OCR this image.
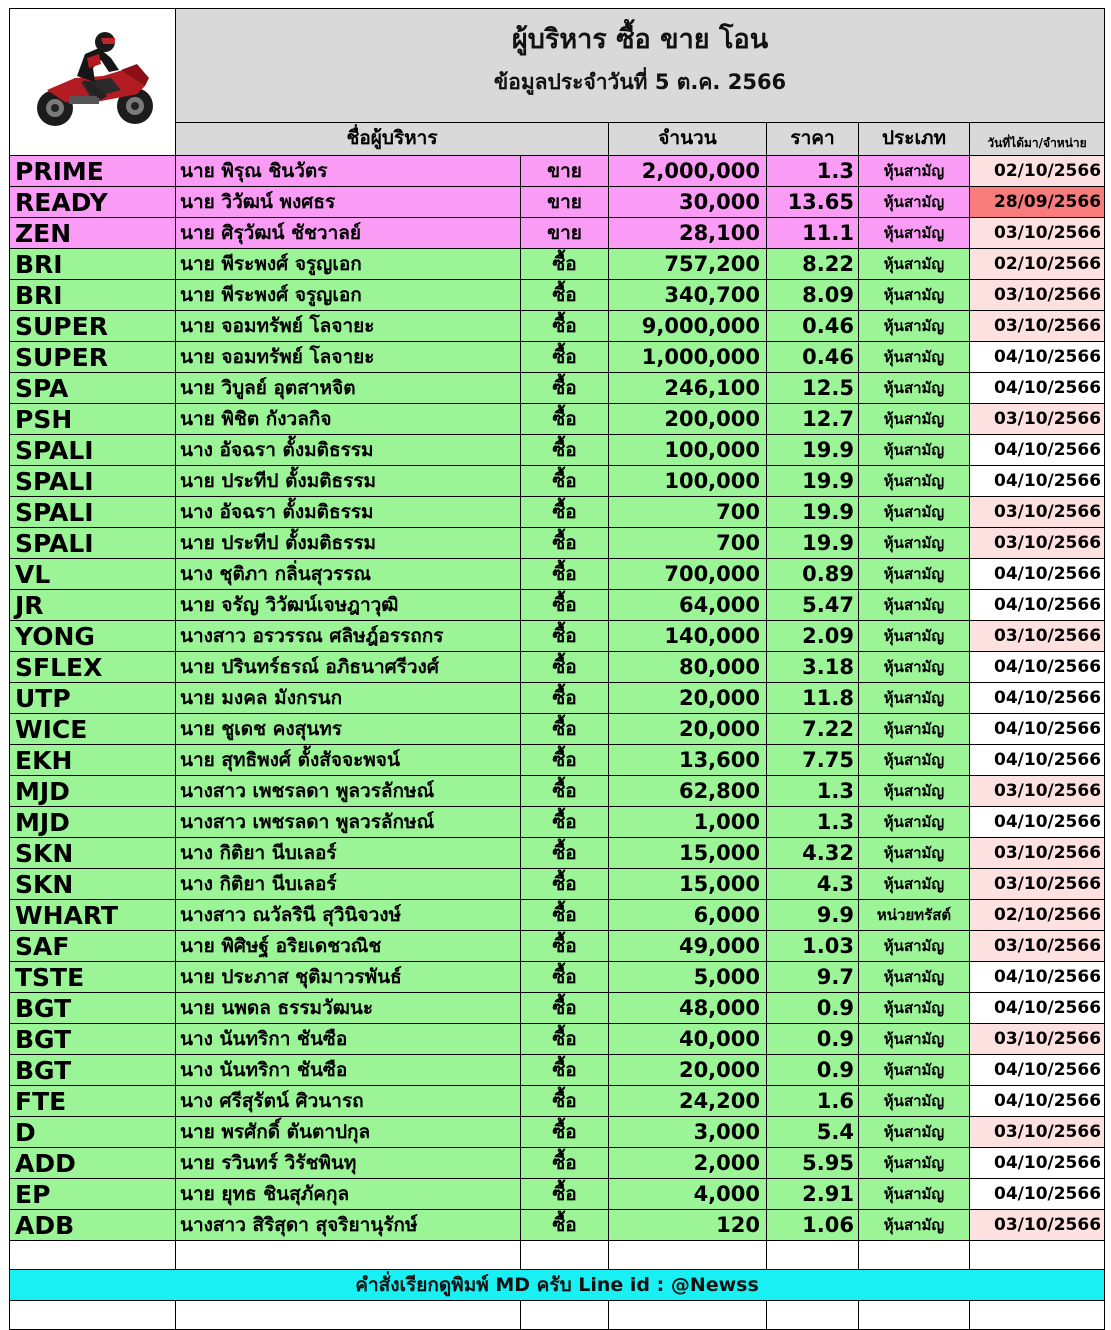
ผู้บริหาร ซื้อ ขาย โอน
ข้อมูลประจำวันที่ 5 ต.ค. 2566					

	ชื่อผู้บริหาร		จำนวน	ราคา	ประเภท	วันที่ได้มา/จำหน่าย
PRIME	นาย พิรุณ ชินวัตร	ขาย	2,000,000	1.3	หุ้นสามัญ	02/10/2566
READY	นาย วิวัฒน์ พงศธร	ขาย	30,000	13.65	หุ้นสามัญ	28/09/2566
ZEN	นาย ศิรุวัฒน์ ชัชวาลย์	ขาย	28,100	11.1	หุ้นสามัญ	03/10/2566
BRI	นาย พีระพงศ์ จรูญเอก	ซื้อ	757,200	8.22	หุ้นสามัญ	02/10/2566
BRI	นาย พีระพงศ์ จรูญเอก	ซื้อ	340,700	8.09	หุ้นสามัญ	03/10/2566
SUPER	นาย จอมทรัพย์ โลจายะ	ซื้อ	9,000,000	0.46	หุ้นสามัญ	03/10/2566
SUPER	นาย จอมทรัพย์ โลจายะ	ซื้อ	1,000,000	0.46	หุ้นสามัญ	04/10/2566
SPA	นาย วิบูลย์ อุตสาหจิต	ซื้อ	246,100	12.5	หุ้นสามัญ	04/10/2566
PSH	นาย พิชิต กังวลกิจ	ซื้อ	200,000	12.7	หุ้นสามัญ	03/10/2566
SPALI	นาง อัจฉรา ตั้งมติธรรม	ซื้อ	100,000	19.9	หุ้นสามัญ	04/10/2566
SPALI	นาย ประทีป ตั้งมติธรรม	ซื้อ	100,000	19.9	หุ้นสามัญ	04/10/2566
SPALI	นาง อัจฉรา ตั้งมติธรรม	ซื้อ	700	19.9	หุ้นสามัญ	03/10/2566
SPALI	นาย ประทีป ตั้งมติธรรม	ซื้อ	700	19.9	หุ้นสามัญ	03/10/2566
VL	นาง ชุติภา กลิ่นสุวรรณ	ซื้อ	700,000	0.89	หุ้นสามัญ	04/10/2566
JR	นาย จรัญ วิวัฒน์เจษฎาวุฒิ	ซื้อ	64,000	5.47	หุ้นสามัญ	04/10/2566
YONG	นางสาว อรวรรณ ศลิษฎ์อรรถกร	ซื้อ	140,000	2.09	หุ้นสามัญ	03/10/2566
SFLEX	นาย ปรินทร์ธรณ์ อภิธนาศรีวงศ์	ซื้อ	80,000	3.18	หุ้นสามัญ	04/10/2566
UTP	นาย มงคล มังกรนก	ซื้อ	20,000	11.8	หุ้นสามัญ	04/10/2566
WICE	นาย ชูเดช คงสุนทร	ซื้อ	20,000	7.22	หุ้นสามัญ	04/10/2566
EKH	นาย สุทธิพงศ์ ตั้งสัจจะพจน์	ซื้อ	13,600	7.75	หุ้นสามัญ	04/10/2566
MJD	นางสาว เพชรลดา พูลวรลักษณ์	ซื้อ	62,800	1.3	หุ้นสามัญ	03/10/2566
MJD	นางสาว เพชรลดา พูลวรลักษณ์	ซื้อ	1,000	1.3	หุ้นสามัญ	04/10/2566
SKN	นาง กิติยา นีบเลอร์	ซื้อ	15,000	4.32	หุ้นสามัญ	03/10/2566
SKN	นาง กิติยา นีบเลอร์	ซื้อ	15,000	4.3	หุ้นสามัญ	03/10/2566
WHART	นางสาว ณวัลรินี สุวินิจวงษ์	ซื้อ	6,000	9.9	หน่วยทรัสต์	02/10/2566
SAF	นาย พิศิษฐ์ อริยเดชวณิช	ซื้อ	49,000	1.03	หุ้นสามัญ	03/10/2566
TSTE	นาย ประภาส ชุติมาวรพันธ์	ซื้อ	5,000	9.7	หุ้นสามัญ	04/10/2566
BGT	นาย นพดล ธรรมวัฒนะ	ซื้อ	48,000	0.9	หุ้นสามัญ	04/10/2566
BGT	นาง นันทริกา ชันซือ	ซื้อ	40,000	0.9	หุ้นสามัญ	03/10/2566
BGT	นาง นันทริกา ชันซือ	ซื้อ	20,000	0.9	หุ้นสามัญ	04/10/2566
FTE	นาง ศรีสุรัตน์ ศิวนารถ	ซื้อ	24,200	1.6	หุ้นสามัญ	04/10/2566
D	นาย พรศักดิ์ ตันตาปกุล	ซื้อ	3,000	5.4	หุ้นสามัญ	03/10/2566
ADD	นาย รวินทร์ วิรัชพินทุ	ซื้อ	2,000	5.95	หุ้นสามัญ	04/10/2566
EP	นาย ยุทธ ชินสุภัคกุล	ซื้อ	4,000	2.91	หุ้นสามัญ	04/10/2566
ADB	นางสาว สิริสุดา สุจริยานุรักษ์	ซื้อ	120	1.06	หุ้นสามัญ	03/10/2566

คำสั่งเรียกดูพิมพ์ MD ครับ Line id : @Newss						
